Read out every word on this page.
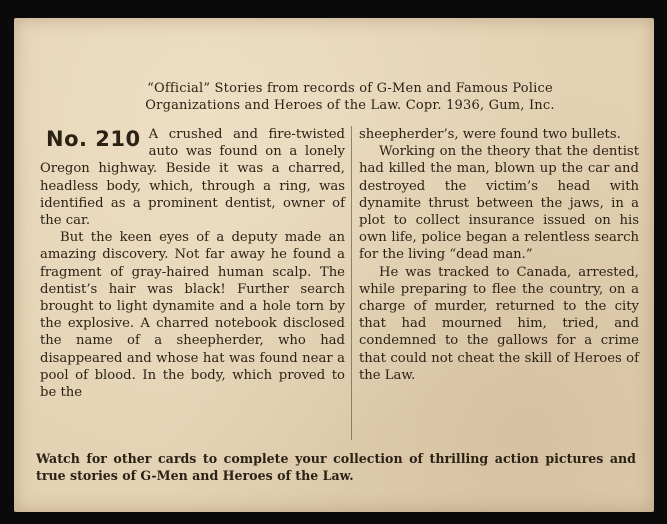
“Official” Stories from records of G-Men and Famous Police
Organizations and Heroes of the Law. Copr. 1936, Gum, Inc.
No. 210 A crushed and fire-twisted auto was found on a lonely Oregon highway. Beside it was a charred, headless body, which, through a ring, was identified as a prominent dentist, owner of the car.

But the keen eyes of a deputy made an amazing discovery. Not far away he found a fragment of gray-haired human scalp. The dentist’s hair was black! Further search brought to light dynamite and a hole torn by the explosive. A charred notebook disclosed the name of a sheepherder, who had disappeared and whose hat was found near a pool of blood. In the body, which proved to be the

sheepherder’s, were found two bullets.

Working on the theory that the dentist had killed the man, blown up the car and destroyed the victim’s head with dynamite thrust between the jaws, in a plot to collect insurance issued on his own life, police began a relentless search for the living “dead man.”

He was tracked to Canada, arrested, while preparing to flee the country, on a charge of murder, returned to the city that had mourned him, tried, and condemned to the gallows for a crime that could not cheat the skill of Heroes of the Law.

Watch for other cards to complete your collection of thrilling action pictures and true stories of G-Men and Heroes of the Law.
